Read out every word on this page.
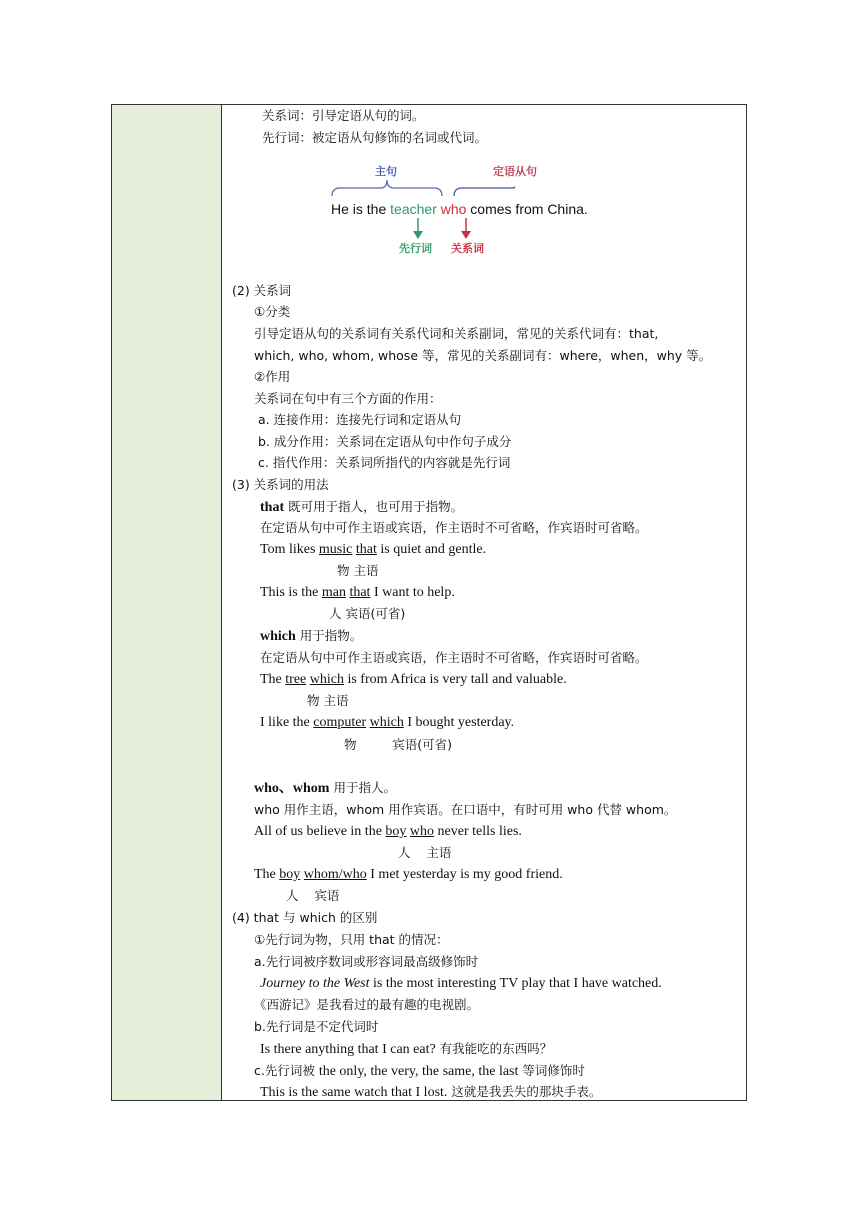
关系词：引导定语从句的词。
先行词：被定语从句修饰的名词或代词。
主句	定语从句
He is the teacher who comes from China.
先行词 关系词
(2) 关系词
①分类
引导定语从句的关系词有关系代词和关系副词，常见的关系代词有：that,
which, who, whom, whose 等，常见的关系副词有：where，when，why 等。
②作用
关系词在句中有三个方面的作用：
a. 连接作用：连接先行词和定语从句
b. 成分作用：关系词在定语从句中作句子成分
c. 指代作用：关系词所指代的内容就是先行词
(3) 关系词的用法
that 既可用于指人，也可用于指物。
在定语从句中可作主语或宾语，作主语时不可省略，作宾语时可省略。
Tom likes music that is quiet and gentle.
物 主语
This is the man that I want to help.
人 宾语(可省)
which 用于指物。
在定语从句中可作主语或宾语，作主语时不可省略，作宾语时可省略。
The tree which is from Africa is very tall and valuable.
物 主语
I like the computer which I bought yesterday.
物         宾语(可省)
who、whom 用于指人。
who 用作主语，whom 用作宾语。在口语中，有时可用 who 代替 whom。
All of us believe in the boy who never tells lies.
人    主语
The boy whom/who I met yesterday is my good friend.
人    宾语
(4) that 与 which 的区别
①先行词为物，只用 that 的情况：
a.先行词被序数词或形容词最高级修饰时
Journey to the West is the most interesting TV play that I have watched.
《西游记》是我看过的最有趣的电视剧。
b.先行词是不定代词时
Is there anything that I can eat? 有我能吃的东西吗？
c.先行词被 the only, the very, the same, the last 等词修饰时
This is the same watch that I lost. 这就是我丢失的那块手表。
